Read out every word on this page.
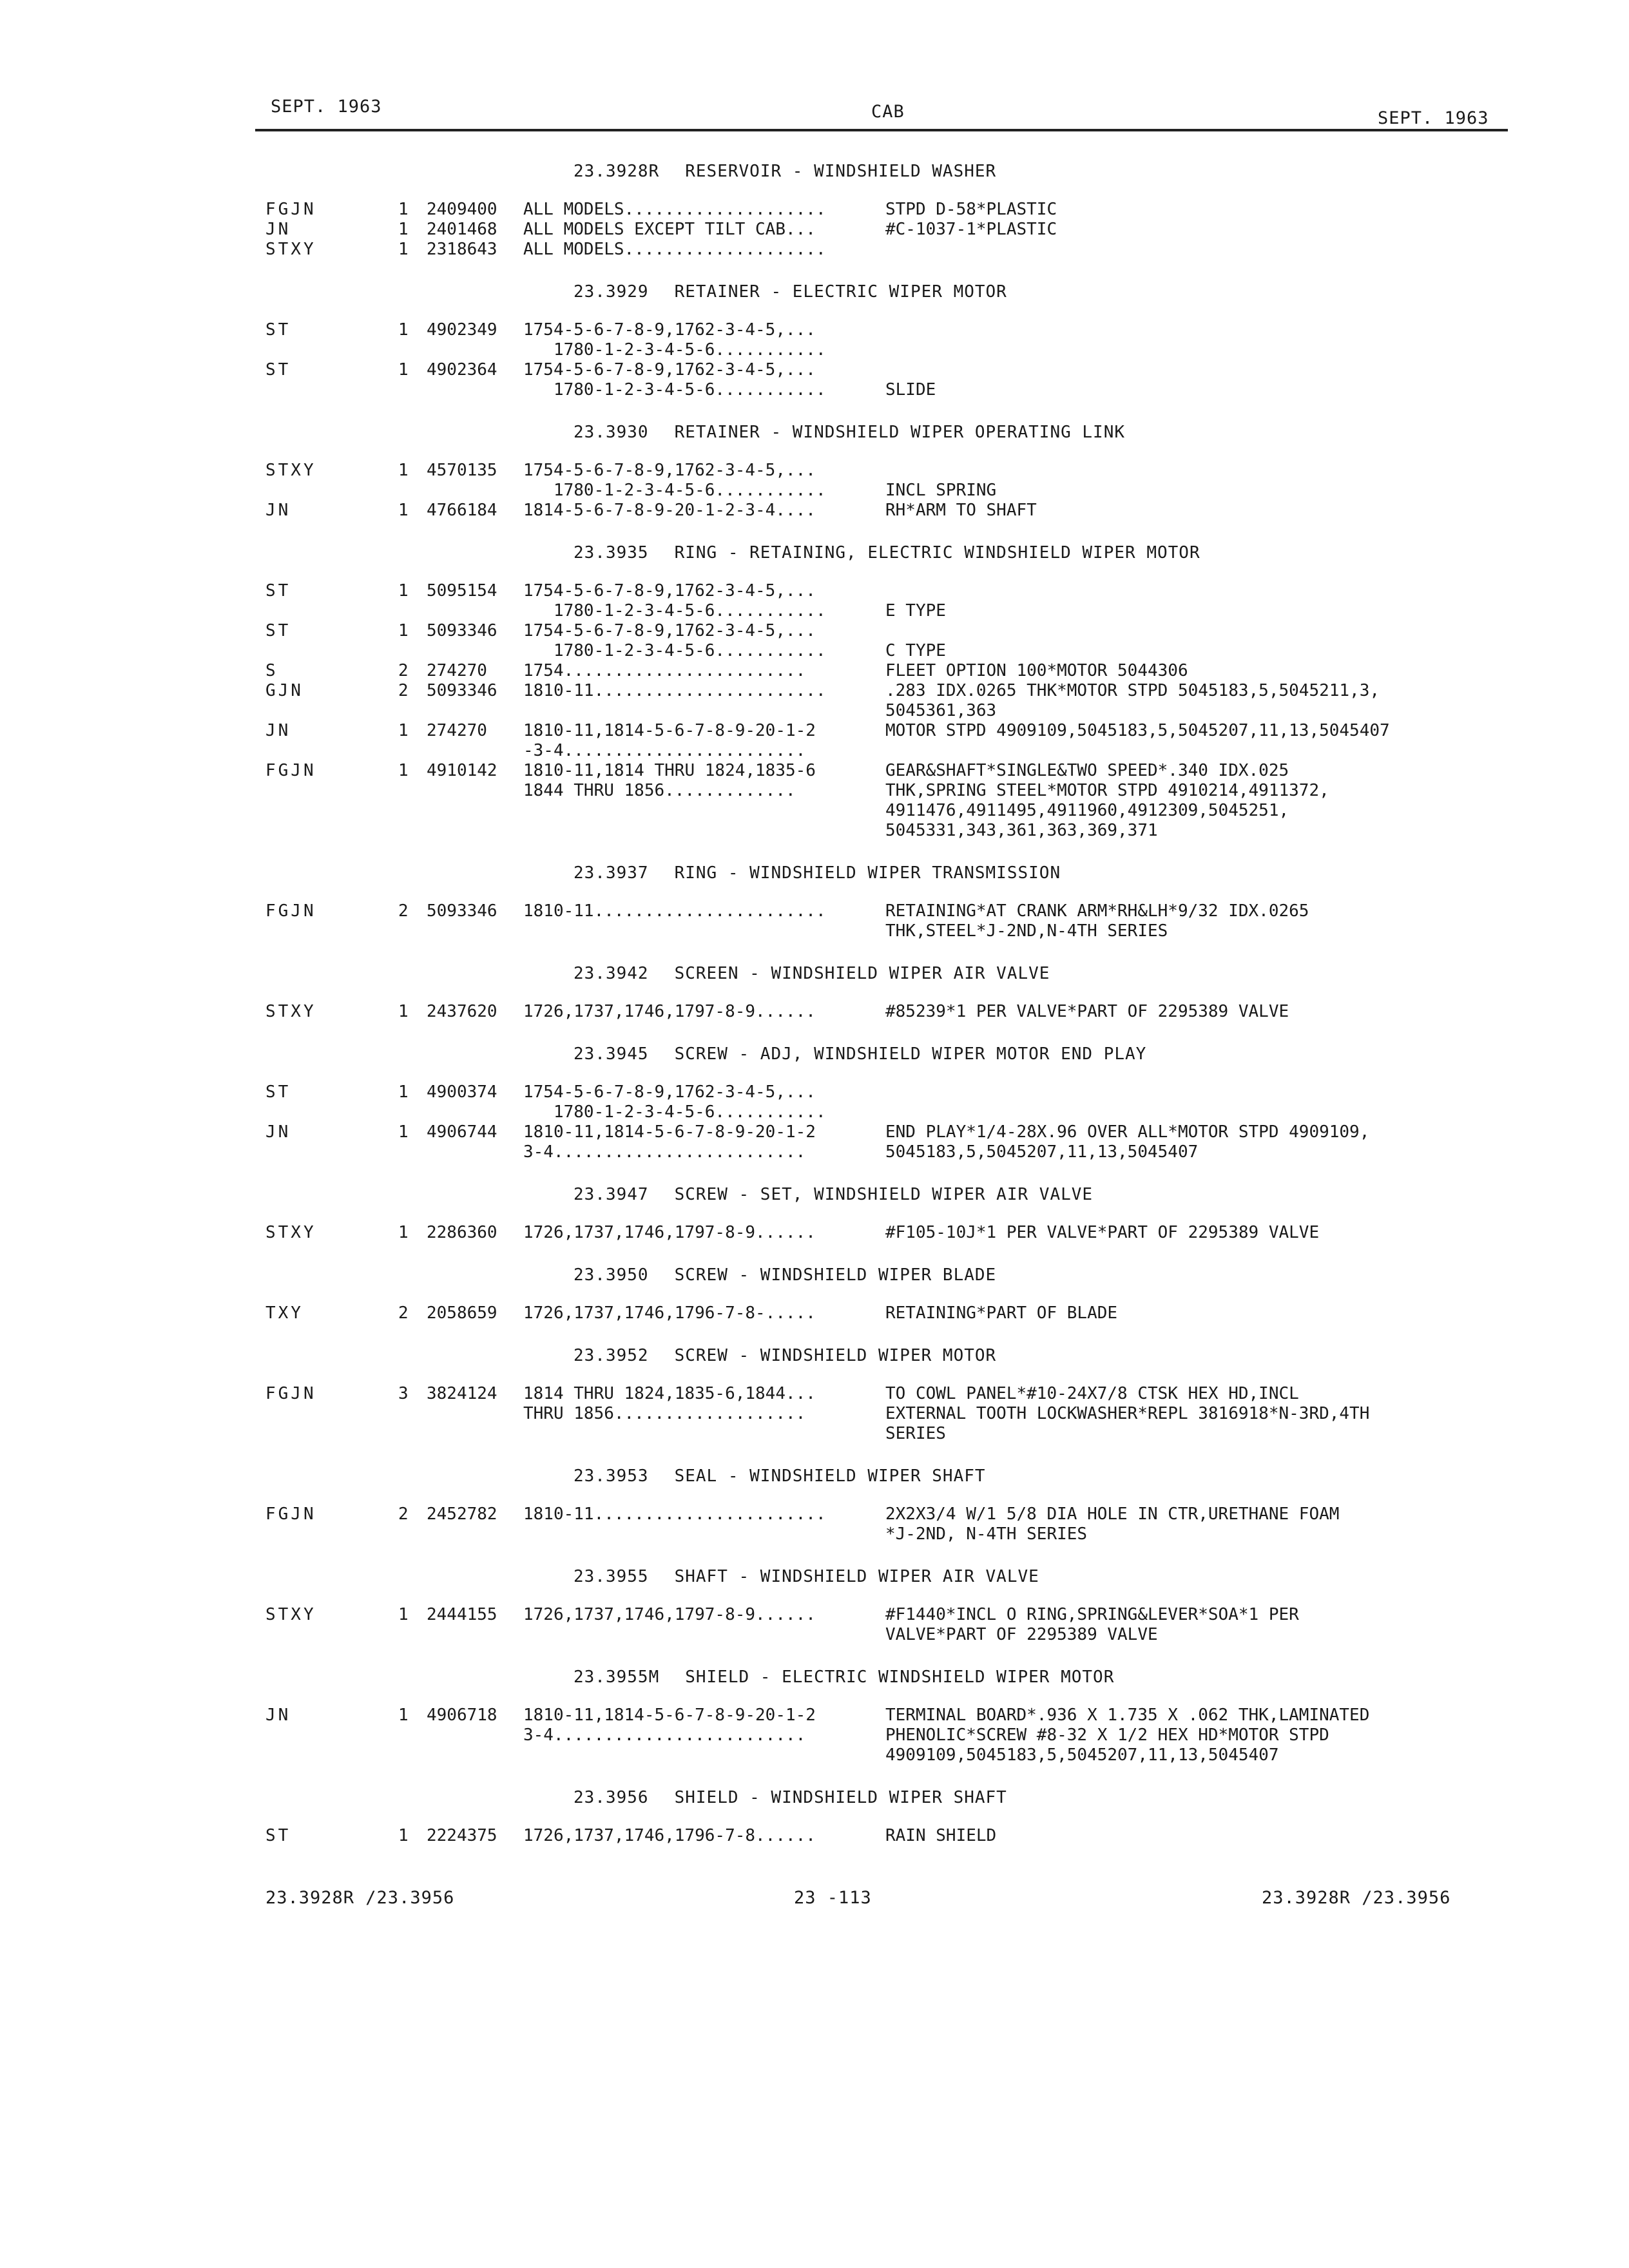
SEPT. 1963	CAB	SEPT. 1963
23.3928R RESERVOIR - WINDSHIELD WASHER
FGJN	1 2409400 ALL MODELS....................	STPD D-58*PLASTIC
JN	1 2401468 ALL MODELS EXCEPT TILT CAB...	#C-1037-1*PLASTIC
STXY	1 2318643 ALL MODELS....................
23.3929 RETAINER - ELECTRIC WIPER MOTOR
ST	1 4902349 1754-5-6-7-8-9,1762-3-4-5,...
1780-1-2-3-4-5-6...........
ST	1 4902364 1754-5-6-7-8-9,1762-3-4-5,...
1780-1-2-3-4-5-6...........	SLIDE
23.3930 RETAINER - WINDSHIELD WIPER OPERATING LINK
STXY	1 4570135 1754-5-6-7-8-9,1762-3-4-5,...
1780-1-2-3-4-5-6...........	INCL SPRING
JN	1 4766184 1814-5-6-7-8-9-20-1-2-3-4....	RH*ARM TO SHAFT
23.3935 RING - RETAINING, ELECTRIC WINDSHIELD WIPER MOTOR
ST	1 5095154 1754-5-6-7-8-9,1762-3-4-5,...
1780-1-2-3-4-5-6...........	E TYPE
ST	1 5093346 1754-5-6-7-8-9,1762-3-4-5,...
1780-1-2-3-4-5-6...........	C TYPE
S	2 274270 1754........................	FLEET OPTION 100*MOTOR 5044306
GJN	2 5093346 1810-11.......................	.283 IDX.0265 THK*MOTOR STPD 5045183,5,5045211,3,
5045361,363
JN	1 274270 1810-11,1814-5-6-7-8-9-20-1-2	MOTOR STPD 4909109,5045183,5,5045207,11,13,5045407
-3-4........................
FGJN	1 4910142 1810-11,1814 THRU 1824,1835-6	GEAR&SHAFT*SINGLE&TWO SPEED*.340 IDX.025
1844 THRU 1856.............	THK,SPRING STEEL*MOTOR STPD 4910214,4911372,
4911476,4911495,4911960,4912309,5045251,
5045331,343,361,363,369,371
23.3937 RING - WINDSHIELD WIPER TRANSMISSION
FGJN	2 5093346 1810-11.......................	RETAINING*AT CRANK ARM*RH&LH*9/32 IDX.0265
THK,STEEL*J-2ND,N-4TH SERIES
23.3942 SCREEN - WINDSHIELD WIPER AIR VALVE
STXY	1 2437620 1726,1737,1746,1797-8-9......	#85239*1 PER VALVE*PART OF 2295389 VALVE
23.3945 SCREW - ADJ, WINDSHIELD WIPER MOTOR END PLAY
ST	1 4900374 1754-5-6-7-8-9,1762-3-4-5,...
1780-1-2-3-4-5-6...........
JN	1 4906744 1810-11,1814-5-6-7-8-9-20-1-2	END PLAY*1/4-28X.96 OVER ALL*MOTOR STPD 4909109,
3-4.........................	5045183,5,5045207,11,13,5045407
23.3947 SCREW - SET, WINDSHIELD WIPER AIR VALVE
STXY	1 2286360 1726,1737,1746,1797-8-9......	#F105-10J*1 PER VALVE*PART OF 2295389 VALVE
23.3950 SCREW - WINDSHIELD WIPER BLADE
TXY	2 2058659 1726,1737,1746,1796-7-8-.....	RETAINING*PART OF BLADE
23.3952 SCREW - WINDSHIELD WIPER MOTOR
FGJN	3 3824124 1814 THRU 1824,1835-6,1844...	TO COWL PANEL*#10-24X7/8 CTSK HEX HD,INCL
THRU 1856...................	EXTERNAL TOOTH LOCKWASHER*REPL 3816918*N-3RD,4TH
SERIES
23.3953 SEAL - WINDSHIELD WIPER SHAFT
FGJN	2 2452782 1810-11.......................	2X2X3/4 W/1 5/8 DIA HOLE IN CTR,URETHANE FOAM
*J-2ND, N-4TH SERIES
23.3955 SHAFT - WINDSHIELD WIPER AIR VALVE
STXY	1 2444155 1726,1737,1746,1797-8-9......	#F1440*INCL O RING,SPRING&LEVER*SOA*1 PER
VALVE*PART OF 2295389 VALVE
23.3955M SHIELD - ELECTRIC WINDSHIELD WIPER MOTOR
JN	1 4906718 1810-11,1814-5-6-7-8-9-20-1-2	TERMINAL BOARD*.936 X 1.735 X .062 THK,LAMINATED
3-4.........................	PHENOLIC*SCREW #8-32 X 1/2 HEX HD*MOTOR STPD
4909109,5045183,5,5045207,11,13,5045407
23.3956 SHIELD - WINDSHIELD WIPER SHAFT
ST	1 2224375 1726,1737,1746,1796-7-8......	RAIN SHIELD
23.3928R /23.3956	23 -113	23.3928R /23.3956
